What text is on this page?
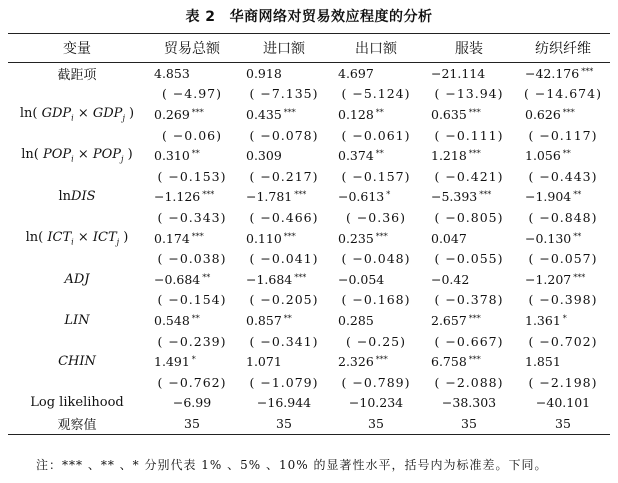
表 2 华商网络对贸易效应程度的分析
变量	贸易总额	进口额	出口额	服装	纺织纤维
截距项	4.853	0.918	4.697	−21.114	−42.176 ***
	( −4.97)	( −7.135)	( −5.124)	( −13.94)	( −14.674)
ln( $GDP_i \times GDP_j$ )	0.269 ***	0.435 ***	0.128 **	0.635 ***	0.626 ***
	( −0.06)	( −0.078)	( −0.061)	( −0.111)	( −0.117)
ln( $POP_i \times POP_j$ )	0.310 **	0.309	0.374 **	1.218 ***	1.056 **
	( −0.153)	( −0.217)	( −0.157)	( −0.421)	( −0.443)
lnDIS	−1.126 ***	−1.781 ***	−0.613 *	−5.393 ***	−1.904 **
	( −0.343)	( −0.466)	( −0.36)	( −0.805)	( −0.848)
ln( $ICT_i \times ICT_j$ )	0.174 ***	0.110 ***	0.235 ***	0.047	−0.130 **
	( −0.038)	( −0.041)	( −0.048)	( −0.055)	( −0.057)
ADJ	−0.684 **	−1.684 ***	−0.054	−0.42	−1.207 ***
	( −0.154)	( −0.205)	( −0.168)	( −0.378)	( −0.398)
LIN	0.548 **	0.857 **	0.285	2.657 ***	1.361 *
	( −0.239)	( −0.341)	( −0.25)	( −0.667)	( −0.702)
CHIN	1.491 *	1.071	2.326 ***	6.758 ***	1.851
	( −0.762)	( −1.079)	( −0.789)	( −2.088)	( −2.198)
Log likelihood	−6.99	−16.944	−10.234	−38.303	−40.101
观察值	35	35	35	35	35
注：*** 、** 、* 分别代表 1% 、5% 、10% 的显著性水平，括号内为标准差。下同。
